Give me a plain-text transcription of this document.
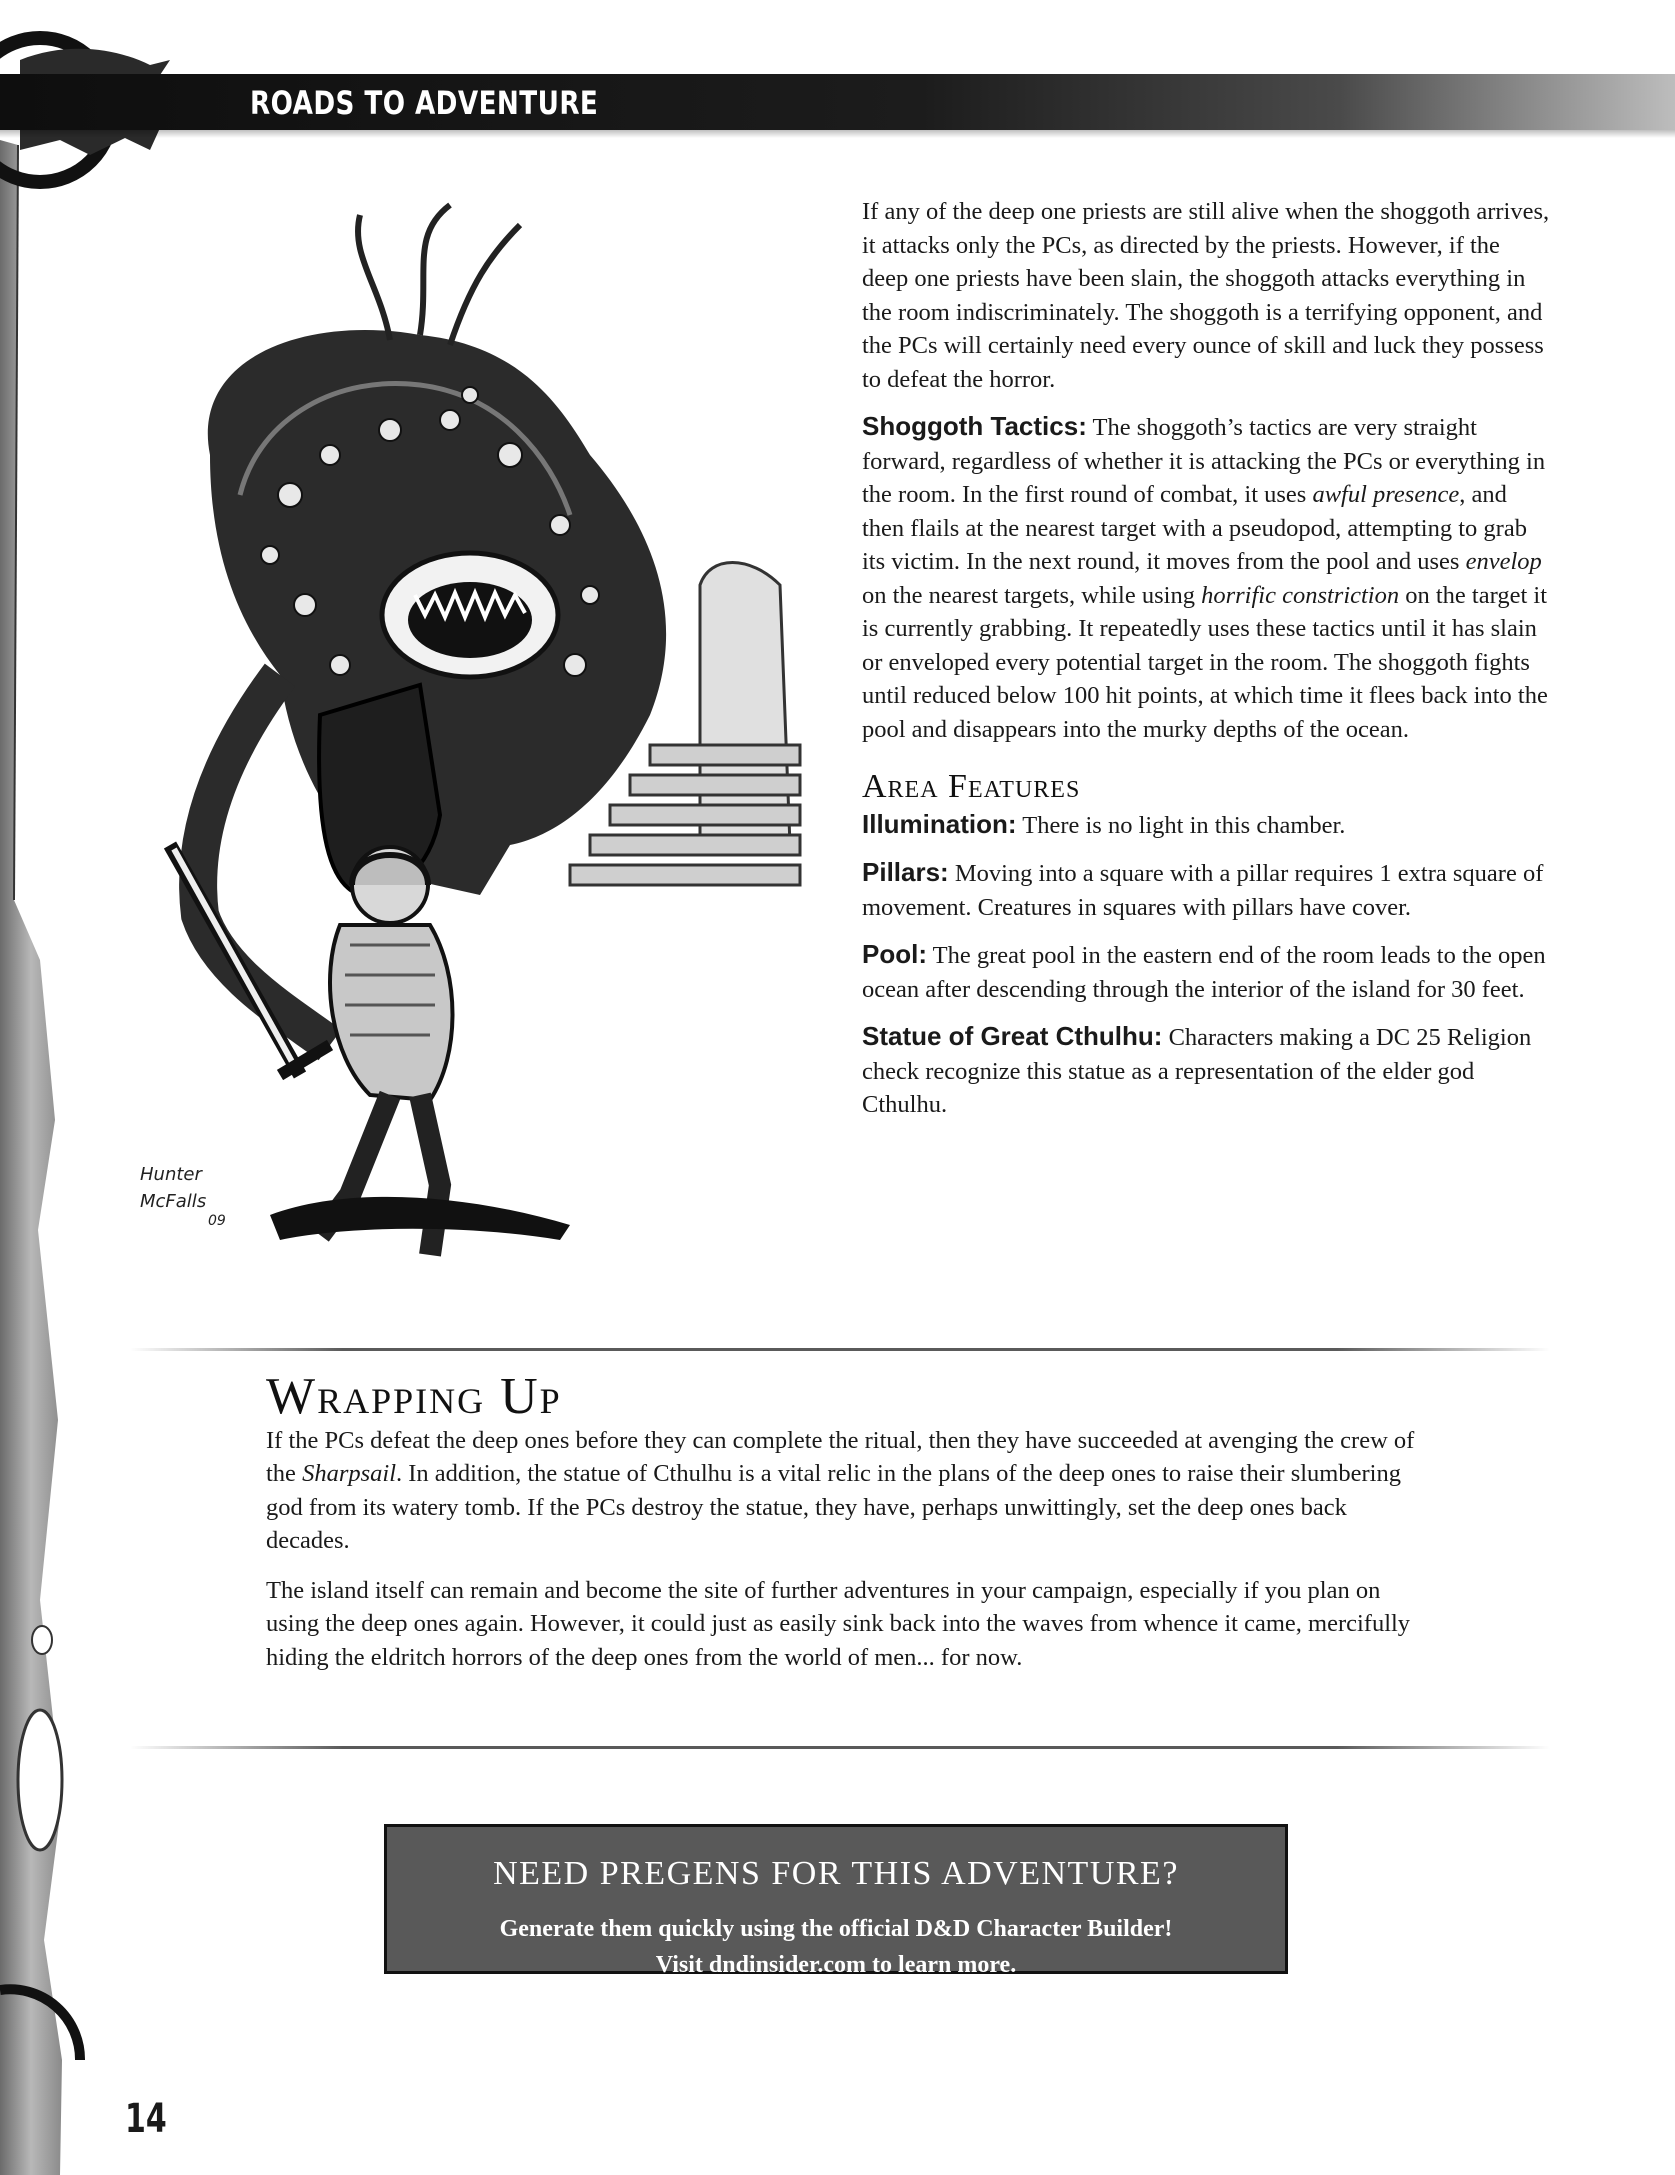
ROADS TO ADVENTURE
Hunter
McFalls
09

If any of the deep one priests are still alive when the shoggoth arrives, it attacks only the PCs, as directed by the priests. However, if the deep one priests have been slain, the shoggoth attacks everything in the room indiscriminately. The shoggoth is a terrifying opponent, and the PCs will certainly need every ounce of skill and luck they possess to defeat the horror.

Shoggoth Tactics: The shoggoth’s tactics are very straight forward, regardless of whether it is attacking the PCs or everything in the room. In the first round of combat, it uses awful presence, and then flails at the nearest target with a pseudopod, attempting to grab its victim. In the next round, it moves from the pool and uses envelop on the nearest targets, while using horrific constriction on the target it is currently grabbing. It repeatedly uses these tactics until it has slain or enveloped every potential target in the room. The shoggoth fights until reduced below 100 hit points, at which time it flees back into the pool and disappears into the murky depths of the ocean.

Area Features

Illumination: There is no light in this chamber.

Pillars: Moving into a square with a pillar requires 1 extra square of movement. Creatures in squares with pillars have cover.

Pool: The great pool in the eastern end of the room leads to the open ocean after descending through the interior of the island for 30 feet.

Statue of Great Cthulhu: Characters making a DC 25 Religion check recognize this statue as a representation of the elder god Cthulhu.

Wrapping Up

If the PCs defeat the deep ones before they can complete the ritual, then they have succeeded at avenging the crew of the Sharpsail. In addition, the statue of Cthulhu is a vital relic in the plans of the deep ones to raise their slumbering god from its watery tomb. If the PCs destroy the statue, they have, perhaps unwittingly, set the deep ones back decades.

The island itself can remain and become the site of further adventures in your campaign, especially if you plan on using the deep ones again. However, it could just as easily sink back into the waves from whence it came, mercifully hiding the eldritch horrors of the deep ones from the world of men... for now.

NEED PREGENS FOR THIS ADVENTURE?
Generate them quickly using the official D&D Character Builder!
Visit dndinsider.com to learn more.
14
